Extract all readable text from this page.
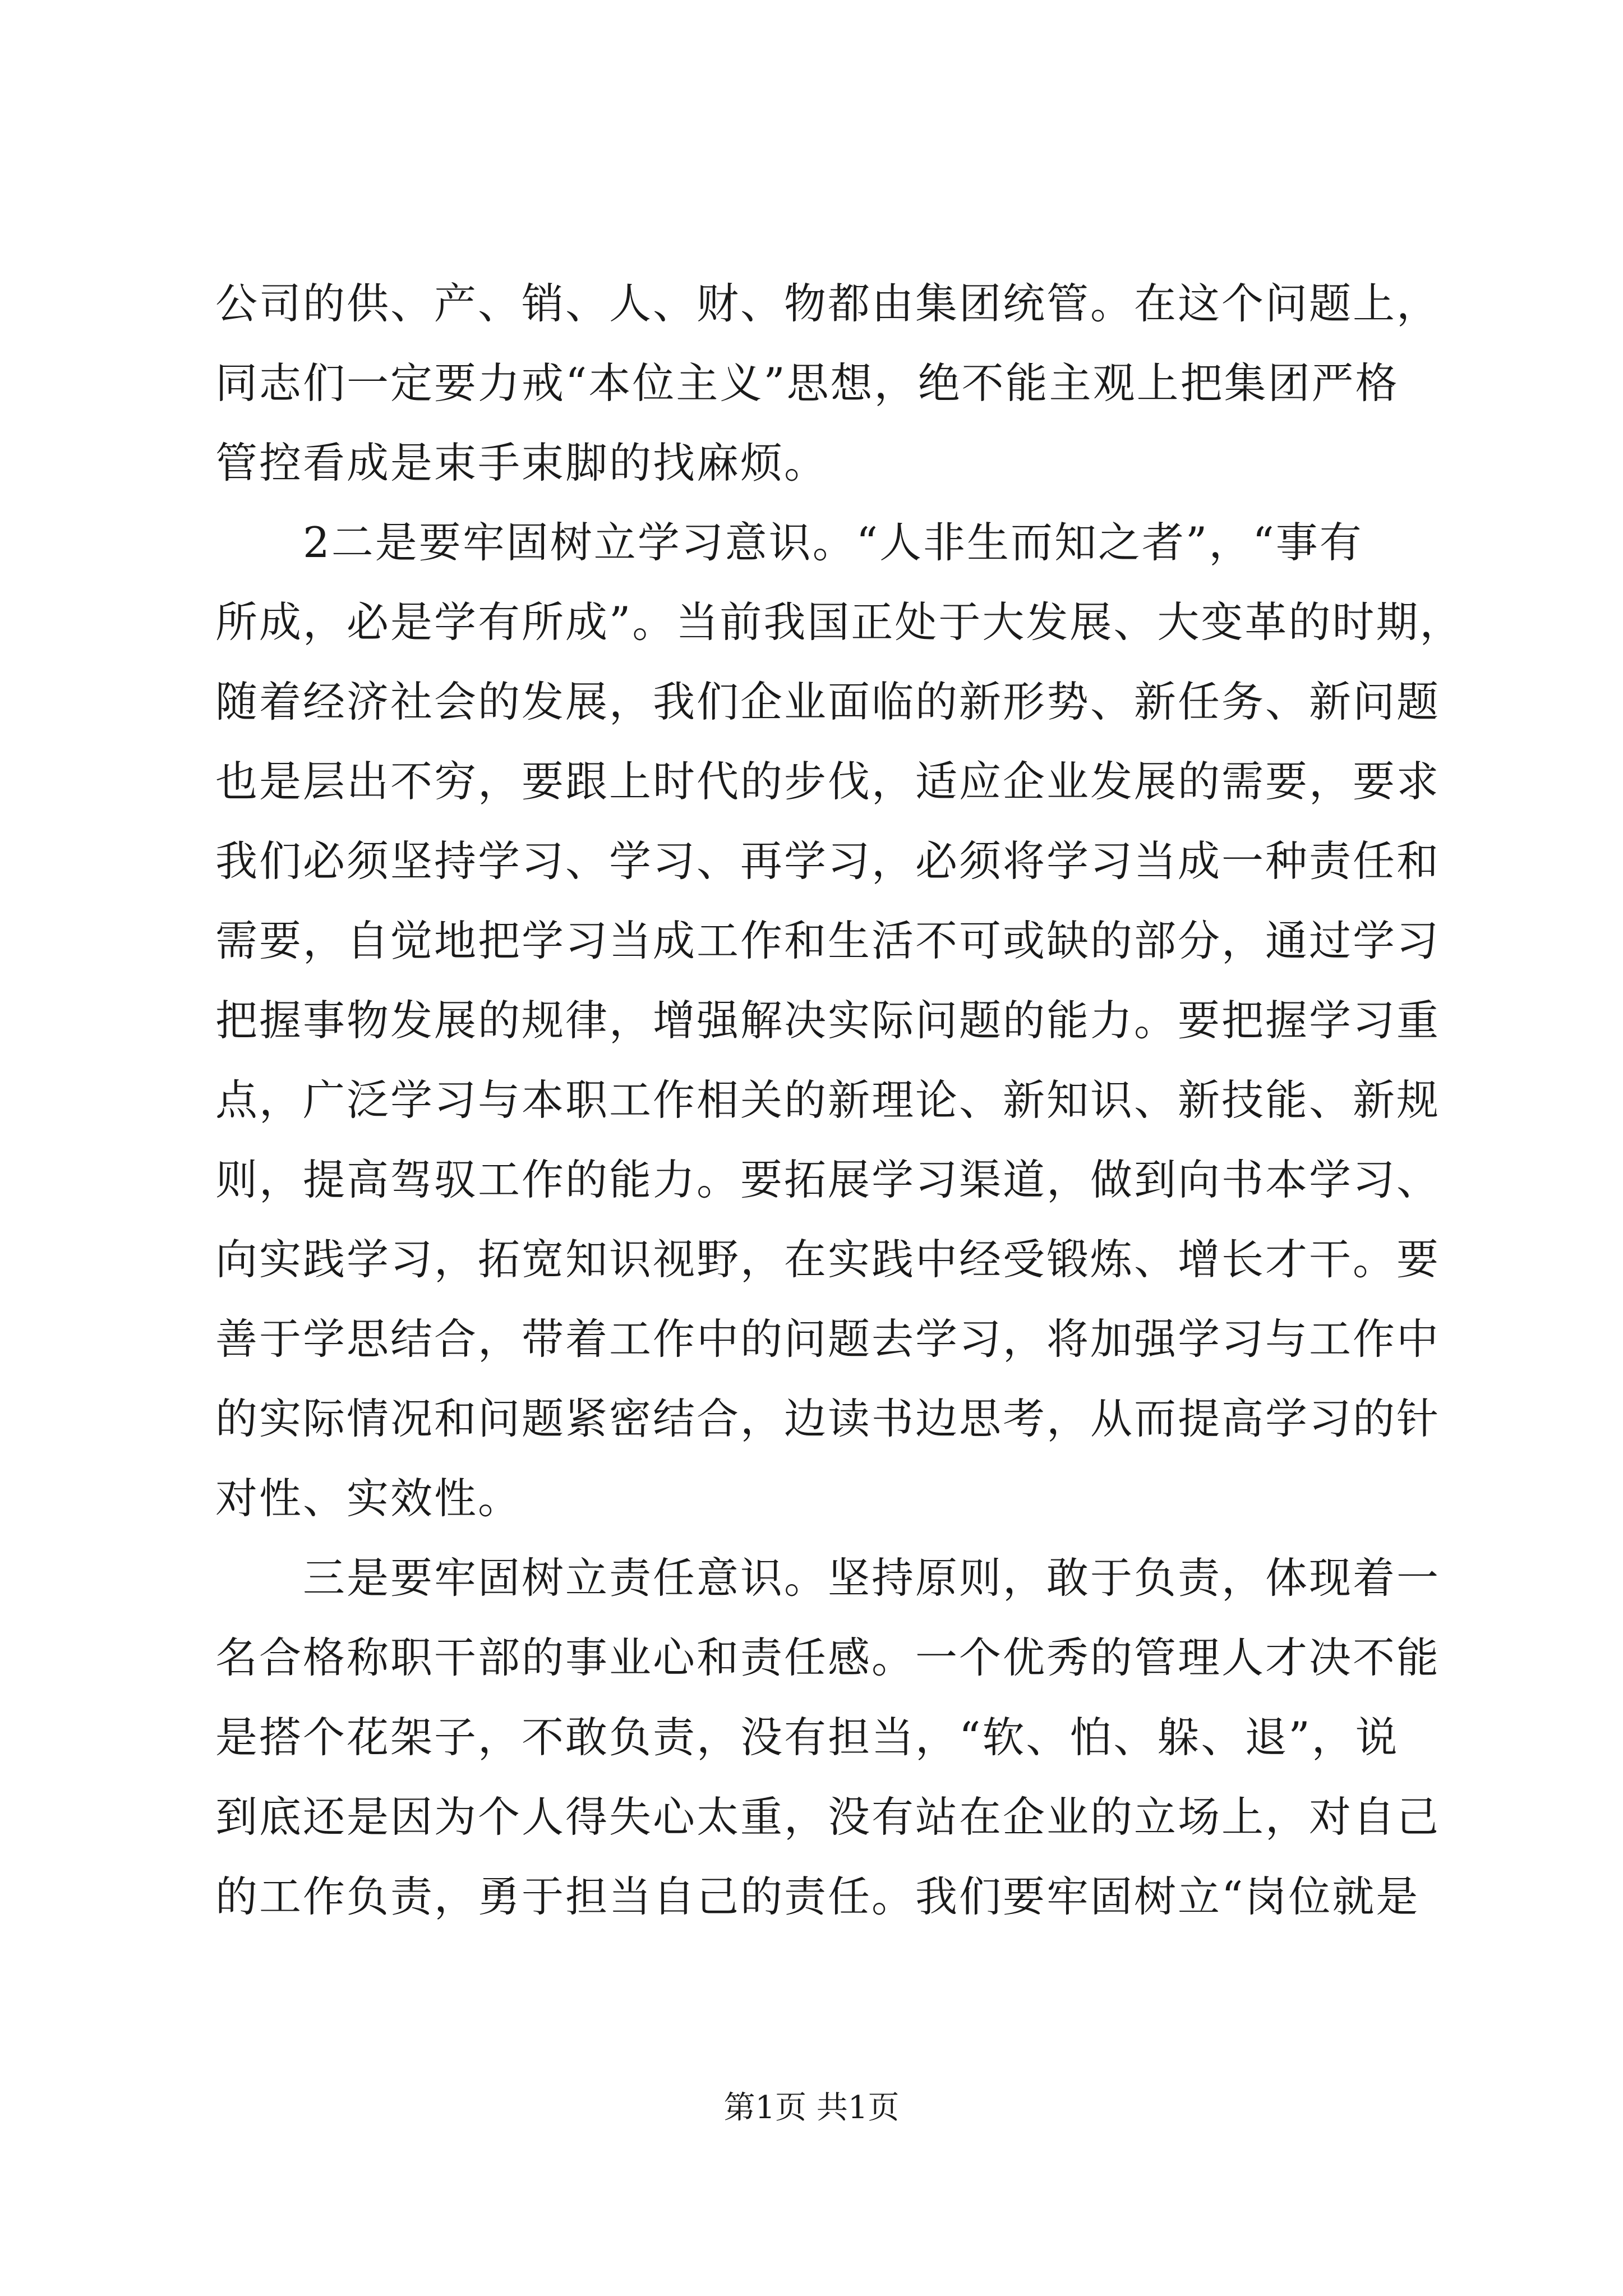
公司的供、产、销、人、财、物都由集团统管。在这个问题上，
同志们一定要力戒“本位主义”思想，绝不能主观上把集团严格
管控看成是束手束脚的找麻烦。
　　2二是要牢固树立学习意识。“人非生而知之者”，“事有
所成，必是学有所成”。当前我国正处于大发展、大变革的时期，
随着经济社会的发展，我们企业面临的新形势、新任务、新问题
也是层出不穷，要跟上时代的步伐，适应企业发展的需要，要求
我们必须坚持学习、学习、再学习，必须将学习当成一种责任和
需要，自觉地把学习当成工作和生活不可或缺的部分，通过学习
把握事物发展的规律，增强解决实际问题的能力。要把握学习重
点，广泛学习与本职工作相关的新理论、新知识、新技能、新规
则，提高驾驭工作的能力。要拓展学习渠道，做到向书本学习、
向实践学习，拓宽知识视野，在实践中经受锻炼、增长才干。要
善于学思结合，带着工作中的问题去学习，将加强学习与工作中
的实际情况和问题紧密结合，边读书边思考，从而提高学习的针
对性、实效性。
　　三是要牢固树立责任意识。坚持原则，敢于负责，体现着一
名合格称职干部的事业心和责任感。一个优秀的管理人才决不能
是搭个花架子，不敢负责，没有担当，“软、怕、躲、退”，说
到底还是因为个人得失心太重，没有站在企业的立场上，对自己
的工作负责，勇于担当自己的责任。我们要牢固树立“岗位就是
第1页 共1页
